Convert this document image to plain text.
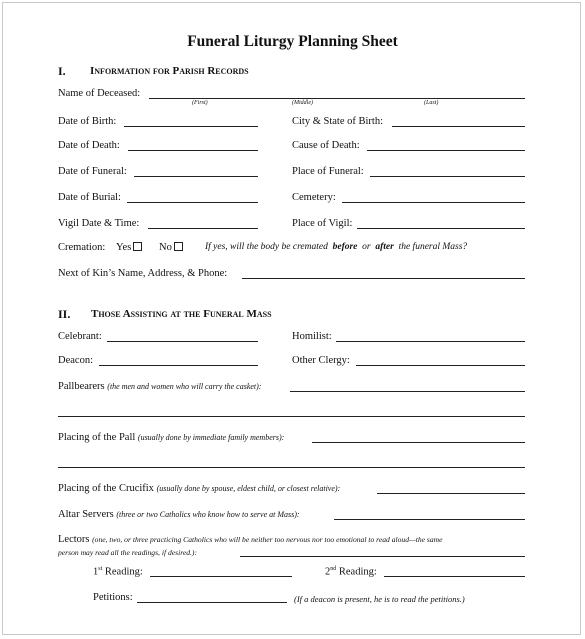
Funeral Liturgy Planning Sheet
I. Information for Parish Records
Name of Deceased:
(First)	(Middle)	(Last)
Date of Birth:	City & State of Birth:
Date of Death:	Cause of Death:
Date of Funeral:	Place of Funeral:
Date of Burial:	Cemetery:
Vigil Date & Time:	Place of Vigil:
Cremation: Yes	No	If yes, will the body be cremated before or after the funeral Mass?
Next of Kin’s Name, Address, & Phone:
II. Those Assisting at the Funeral Mass
Celebrant:	Homilist:
Deacon:	Other Clergy:
Pallbearers (the men and women who will carry the casket):
Placing of the Pall (usually done by immediate family members):
Placing of the Crucifix (usually done by spouse, eldest child, or closest relative):
Altar Servers (three or two Catholics who know how to serve at Mass):
Lectors (one, two, or three practicing Catholics who will be neither too nervous nor too emotional to read aloud—the same
person may read all the readings, if desired.):
1st Reading:	2nd Reading:
Petitions:	(If a deacon is present, he is to read the petitions.)
